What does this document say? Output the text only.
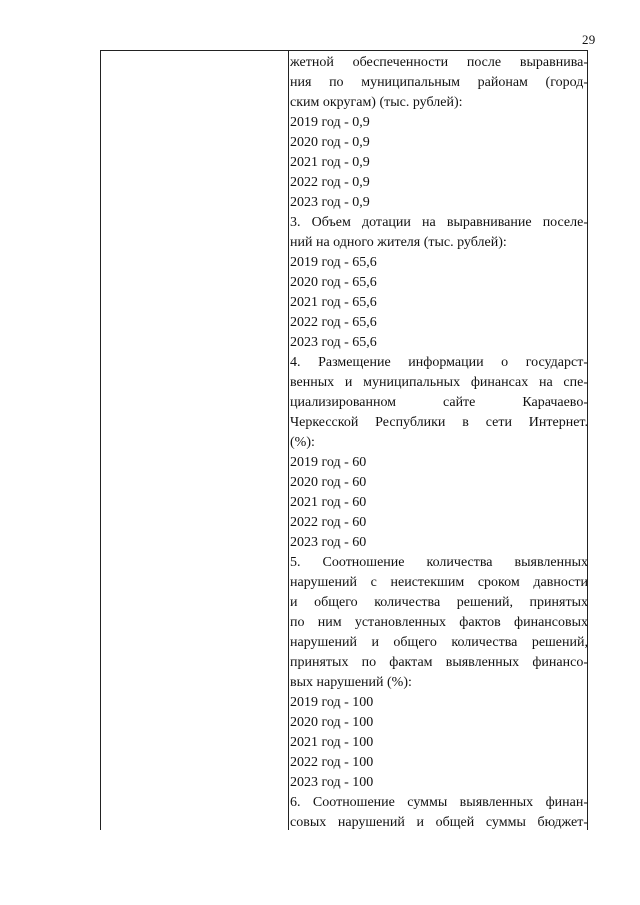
29
жетной обеспеченности после выравнива-
ния по муниципальным районам (город-
ским округам) (тыс. рублей):
2019 год - 0,9
2020 год - 0,9
2021 год - 0,9
2022 год - 0,9
2023 год - 0,9
3. Объем дотации на выравнивание поселе-
ний на одного жителя (тыс. рублей):
2019 год - 65,6
2020 год - 65,6
2021 год - 65,6
2022 год - 65,6
2023 год - 65,6
4. Размещение информации о государст-
венных и муниципальных финансах на спе-
циализированном сайте Карачаево-
Черкесской Республики в сети Интернет.
(%):
2019 год - 60
2020 год - 60
2021 год - 60
2022 год - 60
2023 год - 60
5. Соотношение количества выявленных
нарушений с неистекшим сроком давности
и общего количества решений, принятых
по ним установленных фактов финансовых
нарушений и общего количества решений,
принятых по фактам выявленных финансо-
вых нарушений (%):
2019 год - 100
2020 год - 100
2021 год - 100
2022 год - 100
2023 год - 100
6. Соотношение суммы выявленных финан-
совых нарушений и общей суммы бюджет-
